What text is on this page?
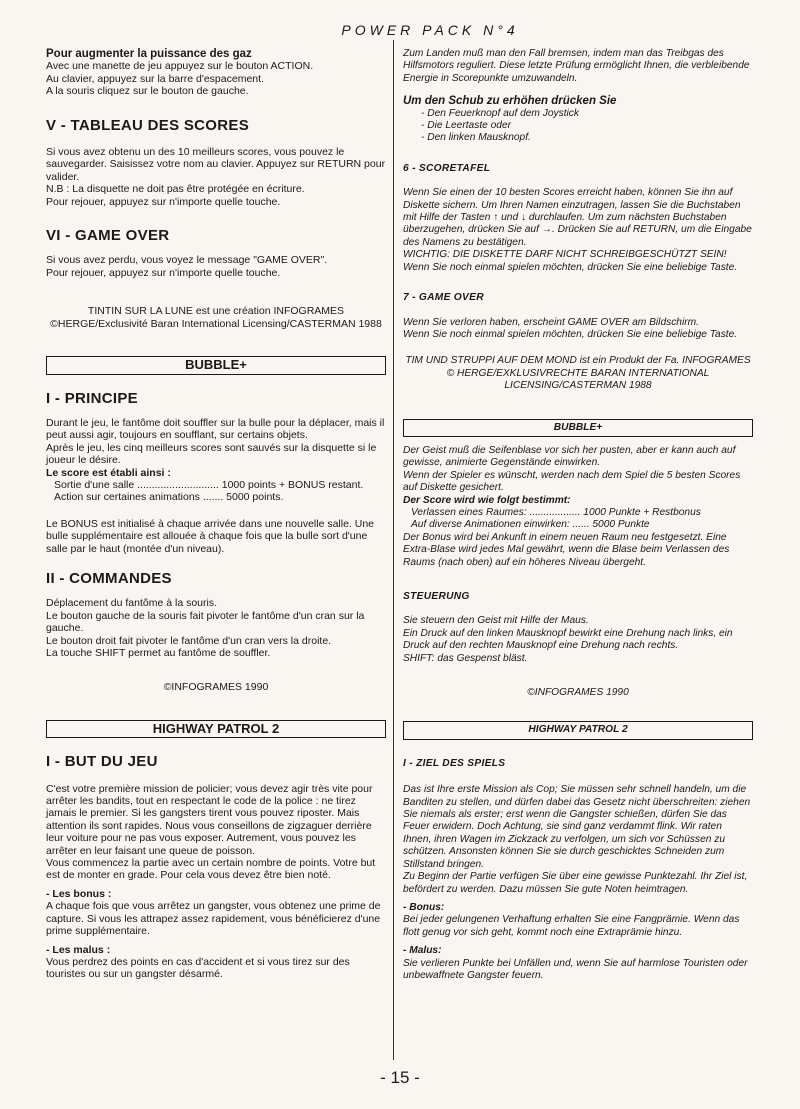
POWER PACK N°4

Pour augmenter la puissance des gaz

Avec une manette de jeu appuyez sur le bouton ACTION.

Au clavier, appuyez sur la barre d'espacement.

A la souris cliquez sur le bouton de gauche.

V - TABLEAU DES SCORES

Si vous avez obtenu un des 10 meilleurs scores, vous pouvez le sauvegarder. Saisissez votre nom au clavier. Appuyez sur RETURN pour valider.

N.B : La disquette ne doit pas être protégée en écriture.

Pour rejouer, appuyez sur n'importe quelle touche.

VI - GAME OVER

Si vous avez perdu, vous voyez le message "GAME OVER".

Pour rejouer, appuyez sur n'importe quelle touche.

TINTIN SUR LA LUNE est une création INFOGRAMES

©HERGE/Exclusivité Baran International Licensing/CASTERMAN 1988

BUBBLE+

I - PRINCIPE

Durant le jeu, le fantôme doit souffler sur la bulle pour la déplacer, mais il peut aussi agir, toujours en soufflant, sur certains objets.

Après le jeu, les cinq meilleurs scores sont sauvés sur la disquette si le joueur le désire.

Le score est établi ainsi :

Sortie d'une salle ............................ 1000 points + BONUS restant.

Action sur certaines animations ....... 5000 points.

Le BONUS est initialisé à chaque arrivée dans une nouvelle salle. Une bulle supplémentaire est allouée à chaque fois que la bulle sort d'une salle par le haut (montée d'un niveau).

II - COMMANDES

Déplacement du fantôme à la souris.

Le bouton gauche de la souris fait pivoter le fantôme d'un cran sur la gauche.

Le bouton droit fait pivoter le fantôme d'un cran vers la droite.

La touche SHIFT permet au fantôme de souffler.

©INFOGRAMES 1990

HIGHWAY PATROL 2

I - BUT DU JEU

C'est votre première mission de policier; vous devez agir très vite pour arrêter les bandits, tout en respectant le code de la police : ne tirez jamais le premier. Si les gangsters tirent vous pouvez riposter. Mais attention ils sont rapides. Nous vous conseillons de zigzaguer derrière leur voiture pour ne pas vous exposer. Autrement, vous pouvez les arrêter en leur faisant une queue de poisson.

Vous commencez la partie avec un certain nombre de points. Votre but est de monter en grade. Pour cela vous devez être bien noté.

- Les bonus :

A chaque fois que vous arrêtez un gangster, vous obtenez une prime de capture. Si vous les attrapez assez rapidement, vous bénéficierez d'une prime supplémentaire.

- Les malus :

Vous perdrez des points en cas d'accident et si vous tirez sur des touristes ou sur un gangster désarmé.

Zum Landen muß man den Fall bremsen, indem man das Treibgas des Hilfsmotors reguliert. Diese letzte Prüfung ermöglicht Ihnen, die verbleibende Energie in Scorepunkte umzuwandeln.

Um den Schub zu erhöhen drücken Sie

- Den Feuerknopf auf dem Joystick

- Die Leertaste oder

- Den linken Mausknopf.

6 - SCORETAFEL

Wenn Sie einen der 10 besten Scores erreicht haben, können Sie ihn auf Diskette sichern. Um Ihren Namen einzutragen, lassen Sie die Buchstaben mit Hilfe der Tasten ↑ und ↓ durchlaufen. Um zum nächsten Buchstaben überzugehen, drücken Sie auf →. Drücken Sie auf RETURN, um die Eingabe des Namens zu bestätigen.

WICHTIG: DIE DISKETTE DARF NICHT SCHREIBGESCHÜTZT SEIN!

Wenn Sie noch einmal spielen möchten, drücken Sie eine beliebige Taste.

7 - GAME OVER

Wenn Sie verloren haben, erscheint GAME OVER am Bildschirm.

Wenn Sie noch einmal spielen möchten, drücken Sie eine beliebige Taste.

TIM UND STRUPPI AUF DEM MOND ist ein Produkt der Fa. INFOGRAMES

© HERGE/EXKLUSIVRECHTE BARAN INTERNATIONAL

LICENSING/CASTERMAN 1988

BUBBLE+

Der Geist muß die Seifenblase vor sich her pusten, aber er kann auch auf gewisse, animierte Gegenstände einwirken.

Wenn der Spieler es wünscht, werden nach dem Spiel die 5 besten Scores auf Diskette gesichert.

Der Score wird wie folgt bestimmt:

Verlassen eines Raumes: .................. 1000 Punkte + Restbonus

Auf diverse Animationen einwirken: ...... 5000 Punkte

Der Bonus wird bei Ankunft in einem neuen Raum neu festgesetzt. Eine Extra-Blase wird jedes Mal gewährt, wenn die Blase beim Verlassen des Raums (nach oben) auf ein höheres Niveau übergeht.

STEUERUNG

Sie steuern den Geist mit Hilfe der Maus.

Ein Druck auf den linken Mausknopf bewirkt eine Drehung nach links, ein Druck auf den rechten Mausknopf eine Drehung nach rechts.

SHIFT: das Gespenst bläst.

©INFOGRAMES 1990

HIGHWAY PATROL 2

I - ZIEL DES SPIELS

Das ist Ihre erste Mission als Cop; Sie müssen sehr schnell handeln, um die Banditen zu stellen, und dürfen dabei das Gesetz nicht überschreiten: ziehen Sie niemals als erster; erst wenn die Gangster schießen, dürfen Sie das Feuer erwidern. Doch Achtung, sie sind ganz verdammt flink. Wir raten Ihnen, ihren Wagen im Zickzack zu verfolgen, um sich vor Schüssen zu schützen. Ansonsten können Sie sie durch geschicktes Schneiden zum Stillstand bringen.

Zu Beginn der Partie verfügen Sie über eine gewisse Punktezahl. Ihr Ziel ist, befördert zu werden. Dazu müssen Sie gute Noten heimtragen.

- Bonus:

Bei jeder gelungenen Verhaftung erhalten Sie eine Fangprämie. Wenn das flott genug vor sich geht, kommt noch eine Extraprämie hinzu.

- Malus:

Sie verlieren Punkte bei Unfällen und, wenn Sie auf harmlose Touristen oder unbewaffnete Gangster feuern.

- 15 -
